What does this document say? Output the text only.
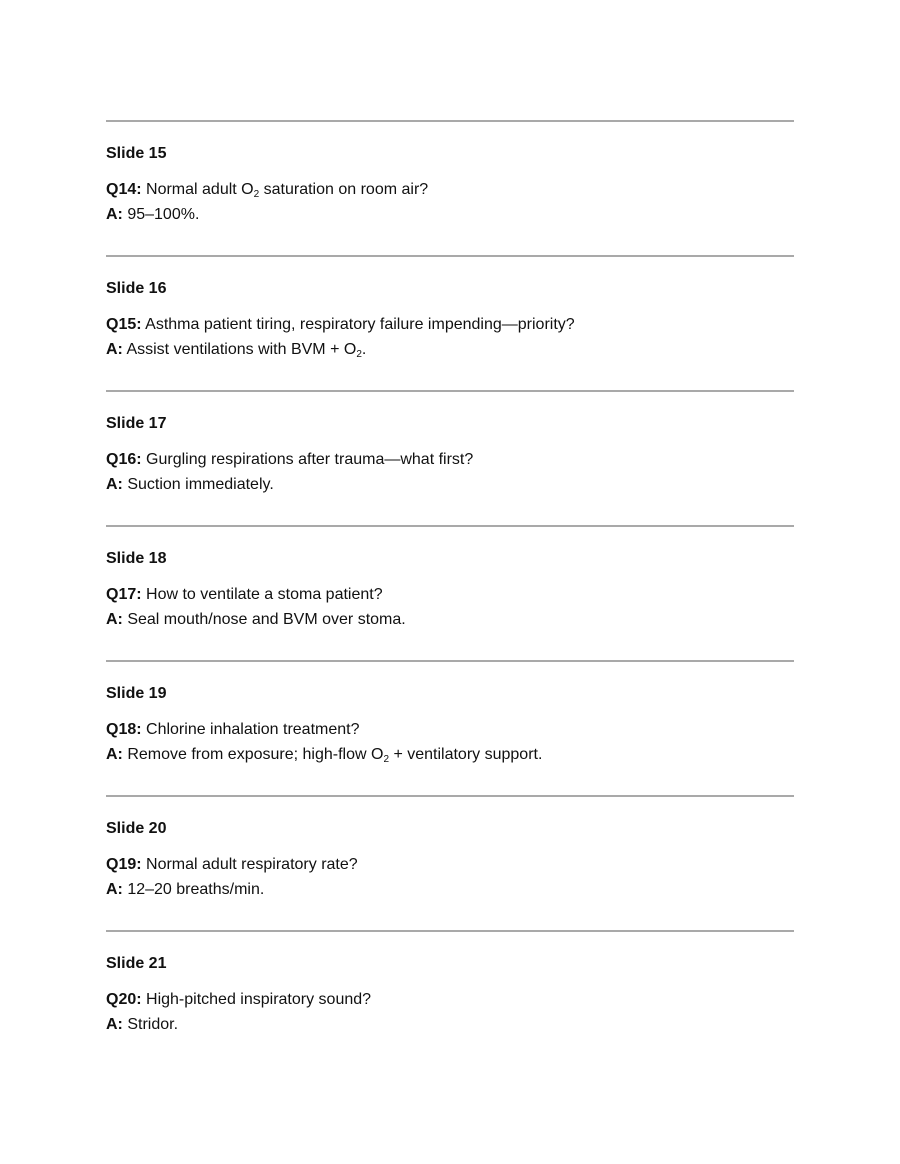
Slide 15
Q14: Normal adult $O_2$ saturation on room air?
A: 95–100%.
Slide 16
Q15: Asthma patient tiring, respiratory failure impending—priority?
A: Assist ventilations with BVM + $O_2$.
Slide 17
Q16: Gurgling respirations after trauma—what first?
A: Suction immediately.
Slide 18
Q17: How to ventilate a stoma patient?
A: Seal mouth/nose and BVM over stoma.
Slide 19
Q18: Chlorine inhalation treatment?
A: Remove from exposure; high-flow $O_2$ + ventilatory support.
Slide 20
Q19: Normal adult respiratory rate?
A: 12–20 breaths/min.
Slide 21
Q20: High-pitched inspiratory sound?
A: Stridor.
